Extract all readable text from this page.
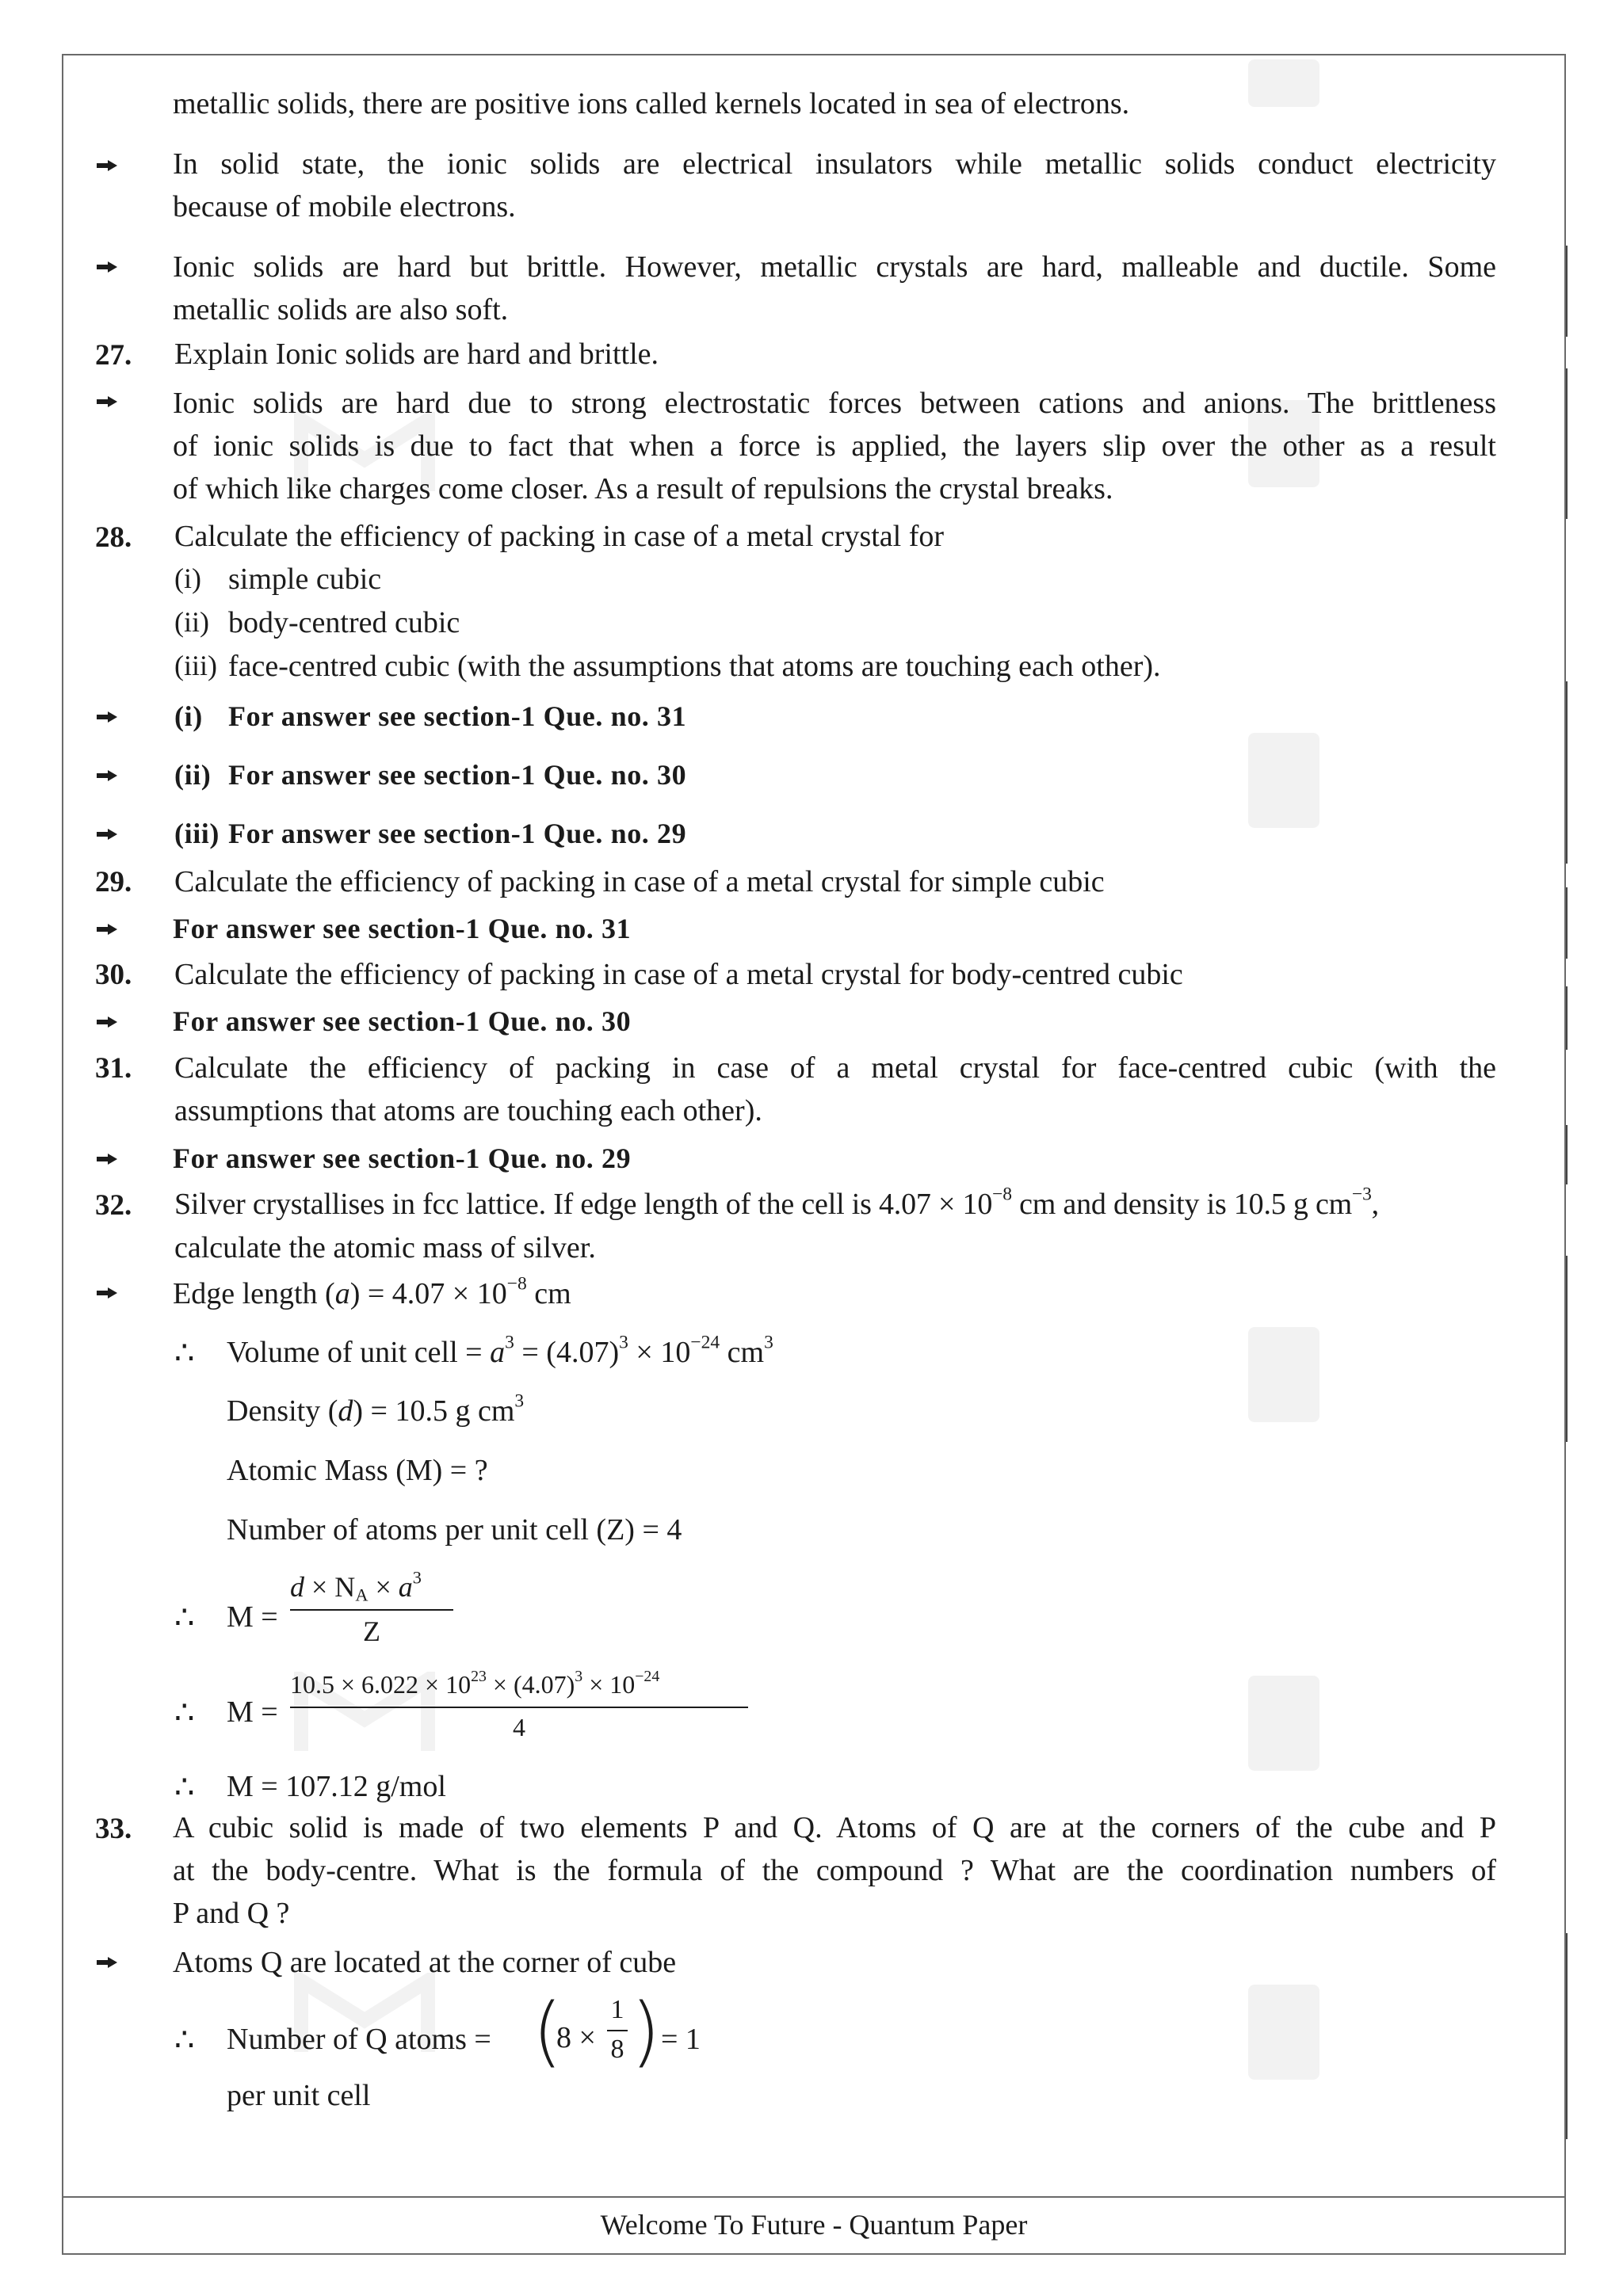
Welcome To Future - Quantum Paper
27.
28.
29.
30.
31.
32.
33.
metallic solids, there are positive ions called kernels located in sea of electrons.
In solid state, the ionic solids are electrical insulators while metallic solids conduct electricity
because of mobile electrons.
Ionic solids are hard but brittle. However, metallic crystals are hard, malleable and ductile. Some
metallic solids are also soft.
Explain Ionic solids are hard and brittle.
Ionic solids are hard due to strong electrostatic forces between cations and anions. The brittleness
of ionic solids is due to fact that when a force is applied, the layers slip over the other as a result
of which like charges come closer. As a result of repulsions the crystal breaks.
Calculate the efficiency of packing in case of a metal crystal for
(i) simple cubic
(ii) body-centred cubic
(iii) face-centred cubic (with the assumptions that atoms are touching each other).
(i) For answer see section-1 Que. no. 31
(ii) For answer see section-1 Que. no. 30
(iii) For answer see section-1 Que. no. 29
Calculate the efficiency of packing in case of a metal crystal for simple cubic
For answer see section-1 Que. no. 31
Calculate the efficiency of packing in case of a metal crystal for body-centred cubic
For answer see section-1 Que. no. 30
Calculate the efficiency of packing in case of a metal crystal for face-centred cubic (with the
assumptions that atoms are touching each other).
For answer see section-1 Que. no. 29
Silver crystallises in fcc lattice. If edge length of the cell is $4.07 \times 10^{-8}$ cm and density is 10.5 g $cm^{-3}$,
calculate the atomic mass of silver.
Edge length $(a) = 4.07 \times 10^{-8}$ cm
∴ Volume of unit cell = $a^3 = (4.07)^3 \times 10^{-24}$ $cm^3$
Density (d) = 10.5 g $cm^3$
Atomic Mass (M) = ?
Number of atoms per unit cell (Z) = 4
∴ M =
$d \times N_A \times a^3$
Z
∴ M =
$10.5 \times 6.022 \times 10^{23} \times (4.07)^3 \times 10^{-24}$
4
∴ M = 107.12 g/mol
A cubic solid is made of two elements P and Q. Atoms of Q are at the corners of the cube and P
at the body-centre. What is the formula of the compound ? What are the coordination numbers of
P and Q ?
Atoms Q are located at the corner of cube
∴ Number of Q atoms = (
8 ×
1
8 ) = 1
per unit cell
